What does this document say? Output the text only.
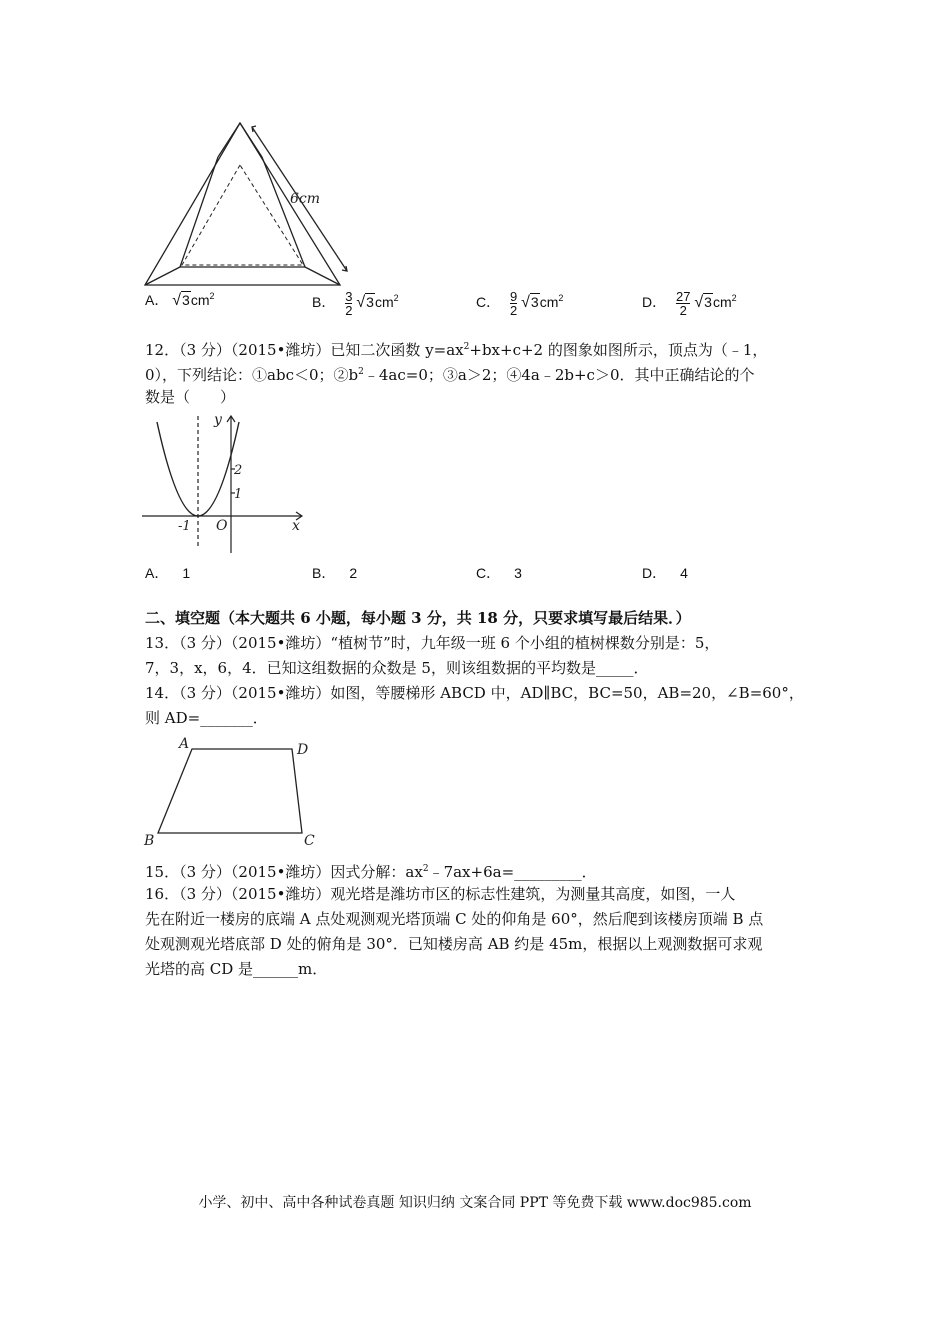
6cm
A． $√3cm^2$	B． $\frac{3}{2} √3cm^2$	C． $\frac{9}{2} √3cm^2$	D． $\frac{27}{2} √3cm^2$
12．（3 分）（2015•潍坊）已知二次函数 $y=ax^2+bx+c+2$ 的图象如图所示，顶点为（﹣1，
0），下列结论：①abc＜0；$②b^2﹣4ac=0$；③a＞2；④4a﹣2b+c＞0．其中正确结论的个
数是（　　）
y
x
O
2
1
-1
A． 1	B． 2	C． 3	D． 4
二、填空题（本大题共 6 小题，每小题 3 分，共 18 分，只要求填写最后结果．）
13．（3 分）（2015•潍坊）“植树节”时，九年级一班 6 个小组的植树棵数分别是：5，
7，3，x，6，4．已知这组数据的众数是 5，则该组数据的平均数是_____．
14．（3 分）（2015•潍坊）如图，等腰梯形 ABCD 中，AD∥BC，BC=50，AB=20，∠B=60°，
则 AD=_______．
A	D
B	C
15．（3 分）（2015•潍坊）因式分解：$ax^2﹣7ax+6a=\_\_\_\_\_\_\_\_\_$．
16．（3 分）（2015•潍坊）观光塔是潍坊市区的标志性建筑，为测量其高度，如图，一人
先在附近一楼房的底端 A 点处观测观光塔顶端 C 处的仰角是 60°，然后爬到该楼房顶端 B 点
处观测观光塔底部 D 处的俯角是 30°．已知楼房高 AB 约是 45m，根据以上观测数据可求观
光塔的高 CD 是______m．
小学、初中、高中各种试卷真题 知识归纳 文案合同 PPT 等免费下载 www.doc985.com
